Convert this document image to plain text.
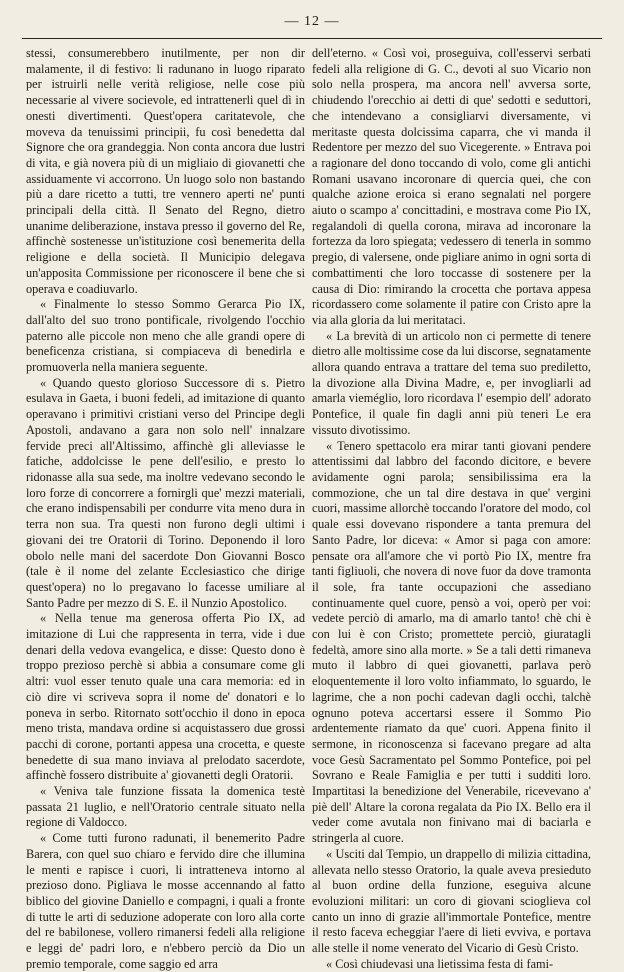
— 12 —

stessi, consumerebbero inutilmente, per non dir malamente, il di festivo: li radunano in luogo riparato per istruirli nelle verità religiose, nelle cose più necessarie al vivere socievole, ed intrattenerli quel dì in onesti divertimenti. Quest'opera caritatevole, che moveva da tenuissimi principii, fu così benedetta dal Signore che ora grandeggia. Non conta ancora due lustri di vita, e già novera più di un migliaio di giovanetti che assiduamente vi accorrono. Un luogo solo non bastando più a dare ricetto a tutti, tre vennero aperti ne' punti principali della città. Il Senato del Regno, dietro unanime deliberazione, instava presso il governo del Re, affinchè sostenesse un'istituzione così benemerita della religione e della società. Il Municipio delegava un'apposita Commissione per riconoscere il bene che si operava e coadiuvarlo.

« Finalmente lo stesso Sommo Gerarca Pio IX, dall'alto del suo trono pontificale, rivolgendo l'occhio paterno alle piccole non meno che alle grandi opere di beneficenza cristiana, si compiaceva di benedirla e promuoverla nella maniera seguente.

« Quando questo glorioso Successore di s. Pietro esulava in Gaeta, i buoni fedeli, ad imitazione di quanto operavano i primitivi cristiani verso del Principe degli Apostoli, andavano a gara non solo nell' innalzare fervide preci all'Altissimo, affinchè gli alleviasse le fatiche, addolcisse le pene dell'esilio, e presto lo ridonasse alla sua sede, ma inoltre vedevano secondo le loro forze di concorrere a fornirgli que' mezzi materiali, che erano indispensabili per condurre vita meno dura in terra non sua. Tra questi non furono degli ultimi i giovani dei tre Oratorii di Torino. Deponendo il loro obolo nelle mani del sacerdote Don Giovanni Bosco (tale è il nome del zelante Ecclesiastico che dirige quest'opera) no lo pregavano lo facesse umiliare al Santo Padre per mezzo di S. E. il Nunzio Apostolico.

« Nella tenue ma generosa offerta Pio IX, ad imitazione di Lui che rappresenta in terra, vide i due denari della vedova evangelica, e disse: Questo dono è troppo prezioso perchè si abbia a consumare come gli altri: vuol esser tenuto quale una cara memoria: ed in ciò dire vi scriveva sopra il nome de' donatori e lo poneva in serbo. Ritornato sott'occhio il dono in epoca meno trista, mandava ordine si acquistassero due grossi pacchi di corone, portanti appesa una crocetta, e queste benedette di sua mano inviava al prelodato sacerdote, affinchè fossero distribuite a' giovanetti degli Oratorii.

« Veniva tale funzione fissata la domenica testè passata 21 luglio, e nell'Oratorio centrale situato nella regione di Valdocco.

« Come tutti furono radunati, il benemerito Padre Barera, con quel suo chiaro e fervido dire che illumina le menti e rapisce i cuori, li intratteneva intorno al prezioso dono. Pigliava le mosse accennando al fatto biblico del giovine Daniello e compagni, i quali a fronte di tutte le arti di seduzione adoperate con loro alla corte del re babilonese, vollero rimanersi fedeli alla religione e leggi de' padri loro, e n'ebbero perciò da Dio un premio temporale, come saggio ed arra

dell'eterno. « Così voi, proseguiva, coll'esservi serbati fedeli alla religione di G. C., devoti al suo Vicario non solo nella prospera, ma ancora nell' avversa sorte, chiudendo l'orecchio ai detti di que' sedotti e seduttori, che intendevano a consigliarvi diversamente, vi meritaste questa dolcissima caparra, che vi manda il Redentore per mezzo del suo Vicegerente. » Entrava poi a ragionare del dono toccando di volo, come gli antichi Romani usavano incoronare di quercia quei, che con qualche azione eroica si erano segnalati nel porgere aiuto o scampo a' concittadini, e mostrava come Pio IX, regalandoli di quella corona, mirava ad incoronare la fortezza da loro spiegata; vedessero di tenerla in sommo pregio, di valersene, onde pigliare animo in ogni sorta di combattimenti che loro toccasse di sostenere per la causa di Dio: rimirando la crocetta che portava appesa ricordassero come solamente il patire con Cristo apre la via alla gloria da lui meritataci.

« La brevità di un articolo non ci permette di tenere dietro alle moltissime cose da lui discorse, segnatamente allora quando entrava a trattare del tema suo prediletto, la divozione alla Divina Madre, e, per invogliarli ad amarla vieméglio, loro ricordava l' esempio dell' adorato Pontefice, il quale fin dagli anni più teneri Le era vissuto divotissimo.

« Tenero spettacolo era mirar tanti giovani pendere attentissimi dal labbro del facondo dicitore, e bevere avidamente ogni parola; sensibilissima era la commozione, che un tal dire destava in que' vergini cuori, massime allorchè toccando l'oratore del modo, col quale essi dovevano rispondere a tanta premura del Santo Padre, lor diceva: « Amor si paga con amore: pensate ora all'amore che vi portò Pio IX, mentre fra tanti figliuoli, che novera di nove fuor da dove tramonta il sole, fra tante occupazioni che assediano continuamente quel cuore, pensò a voi, operò per voi: vedete perciò di amarlo, ma di amarlo tanto! chè chi è con lui è con Cristo; promettete perciò, giuratagli fedeltà, amore sino alla morte. » Se a tali detti rimaneva muto il labbro di quei giovanetti, parlava però eloquentemente il loro volto infiammato, lo sguardo, le lagrime, che a non pochi cadevan dagli occhi, talchè ognuno poteva accertarsi essere il Sommo Pio ardentemente riamato da que' cuori. Appena finito il sermone, in riconoscenza si facevano pregare ad alta voce Gesù Sacramentato pel Sommo Pontefice, poi pel Sovrano e Reale Famiglia e per tutti i sudditi loro. Impartitasi la benedizione del Venerabile, ricevevano a' piè dell' Altare la corona regalata da Pio IX. Bello era il veder come avutala non finivano mai di baciarla e stringerla al cuore.

« Usciti dal Tempio, un drappello di milizia cittadina, allevata nello stesso Oratorio, la quale aveva presieduto al buon ordine della funzione, eseguiva alcune evoluzioni militari: un coro di giovani scioglieva col canto un inno di grazie all'immortale Pontefice, mentre il resto faceva echeggiar l'aere di lieti evviva, e portava alle stelle il nome venerato del Vicario di Gesù Cristo.

« Così chiudevasi una lietissima festa di fami-
